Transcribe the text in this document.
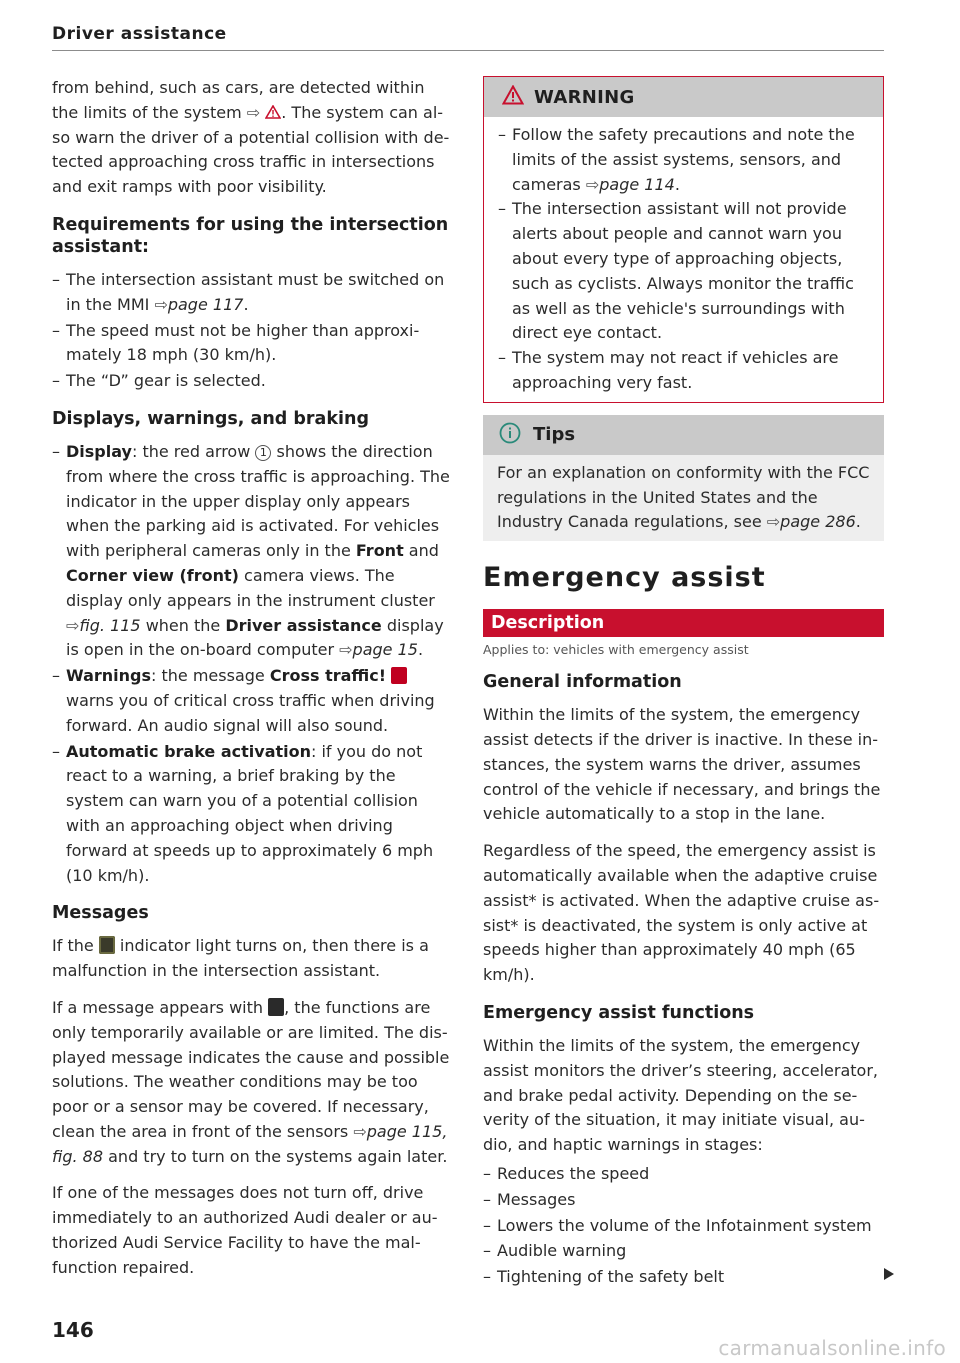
Driver assistance

from behind, such as cars, are detected within the limits of the system ⇨ . The system can also warn the driver of a potential collision with detected approaching cross traffic in intersections and exit ramps with poor visibility.

Requirements for using the intersection assistant:
– The intersection assistant must be switched on in the MMI ⇨page 117.
– The speed must not be higher than approximately 18 mph (30 km/h).
– The “D” gear is selected.
Displays, warnings, and braking
– Display: the red arrow 1 shows the direction from where the cross traffic is approaching. The indicator in the upper display only appears when the parking aid is activated. For vehicles with peripheral cameras only in the Front and Corner view (front) camera views. The display only appears in the instrument cluster ⇨fig. 115 when the Driver assistance display is open in the on-board computer ⇨page 15.
– Warnings: the message Cross traffic!  warns you of critical cross traffic when driving forward. An audio signal will also sound.
– Automatic brake activation: if you do not react to a warning, a brief braking by the system can warn you of a potential collision with an approaching object when driving forward at speeds up to approximately 6 mph (10 km/h).
Messages

If the  indicator light turns on, then there is a malfunction in the intersection assistant.

If a message appears with , the functions are only temporarily available or are limited. The displayed message indicates the cause and possible solutions. The weather conditions may be too poor or a sensor may be covered. If necessary, clean the area in front of the sensors ⇨page 115, fig. 88 and try to turn on the systems again later.

If one of the messages does not turn off, drive immediately to an authorized Audi dealer or authorized Audi Service Facility to have the malfunction repaired.

WARNING
– Follow the safety precautions and note the limits of the assist systems, sensors, and cameras ⇨page 114.
– The intersection assistant will not provide alerts about people and cannot warn you about every type of approaching objects, such as cyclists. Always monitor the traffic as well as the vehicle's surroundings with direct eye contact.
– The system may not react if vehicles are approaching very fast.
Tips

For an explanation on conformity with the FCC regulations in the United States and the Industry Canada regulations, see ⇨page 286.

Emergency assist
Description
Applies to: vehicles with emergency assist
General information

Within the limits of the system, the emergency assist detects if the driver is inactive. In these instances, the system warns the driver, assumes control of the vehicle if necessary, and brings the vehicle automatically to a stop in the lane.

Regardless of the speed, the emergency assist is automatically available when the adaptive cruise assist* is activated. When the adaptive cruise assist* is deactivated, the system is only active at speeds higher than approximately 40 mph (65 km/h).

Emergency assist functions

Within the limits of the system, the emergency assist monitors the driver’s steering, accelerator, and brake pedal activity. Depending on the severity of the situation, it may initiate visual, audio, and haptic warnings in stages:

– Reduces the speed
– Messages
– Lowers the volume of the Infotainment system
– Audible warning
– Tightening of the safety belt
146
carmanualsonline.info
